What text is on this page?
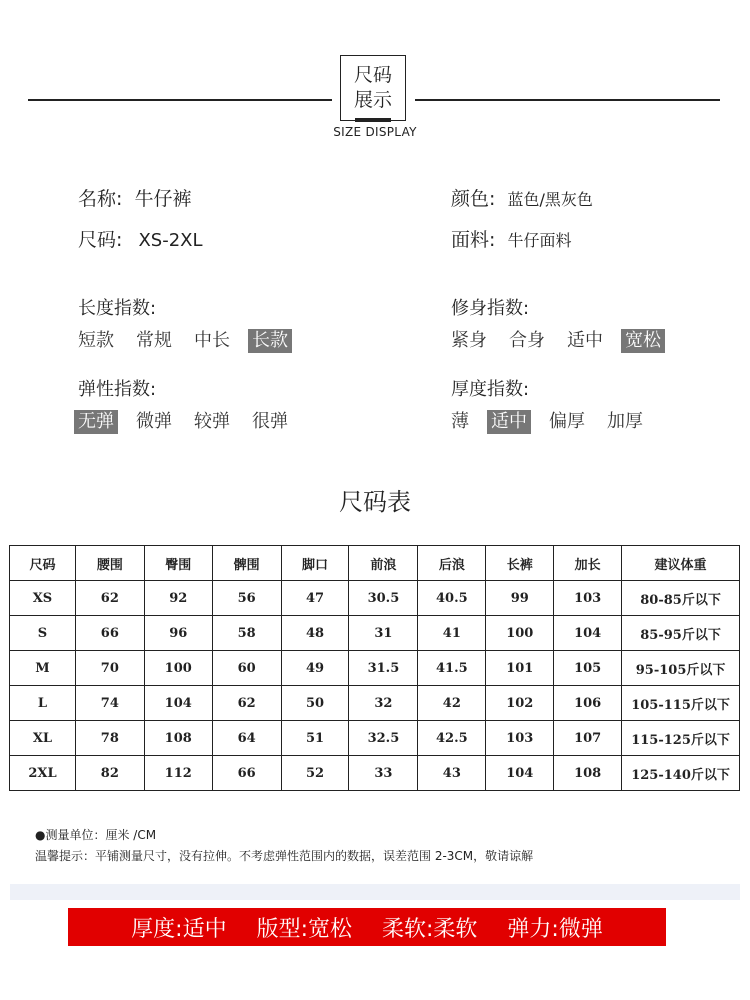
尺码
展示
SIZE DISPLAY
名称: 牛仔裤	颜色: 蓝色/黑灰色
尺码: XS-2XL	面料: 牛仔面料
长度指数:
短款 常规 中长 长款
修身指数:
紧身 合身 适中 宽松
弹性指数:
无弹 微弹 较弹 很弹
厚度指数:
薄 适中 偏厚 加厚
尺码表
尺码	腰围	臀围	髀围	脚口	前浪	后浪	长裤	加长	建议体重
XS	62	92	56	47	30.5	40.5	99	103	80-85斤以下
S	66	96	58	48	31	41	100	104	85-95斤以下
M	70	100	60	49	31.5	41.5	101	105	95-105斤以下
L	74	104	62	50	32	42	102	106	105-115斤以下
XL	78	108	64	51	32.5	42.5	103	107	115-125斤以下
2XL	82	112	66	52	33	43	104	108	125-140斤以下
●测量单位：厘米 /CM
温馨提示：平铺测量尺寸，没有拉伸。不考虑弹性范围内的数据，误差范围 2-3CM，敬请谅解
厚度:适中 版型:宽松 柔软:柔软 弹力:微弹
